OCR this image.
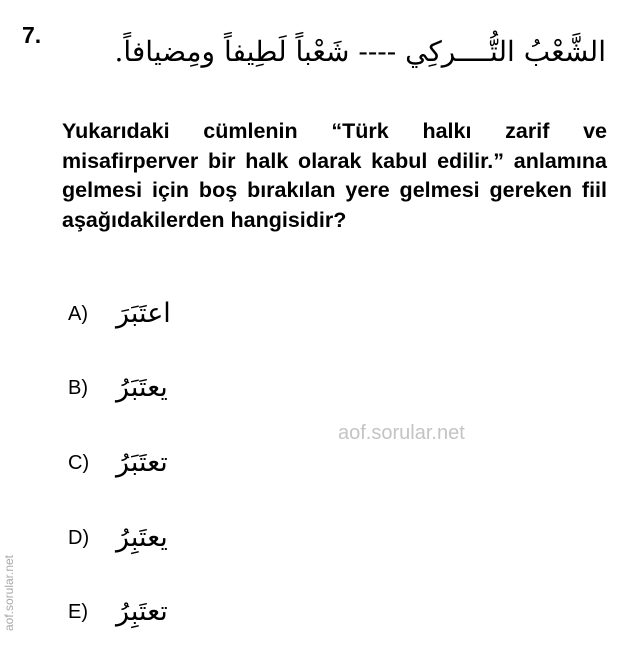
7.	الشَّعْبُ التُّــــركِي ---- شَعْباً لَطِيفاً ومِضيافاً.

Yukarıdaki cümlenin “Türk halkı zarif ve misafirperver bir halk olarak kabul edilir.” anlamına gelmesi için boş bırakılan yere gelmesi gereken fiil aşağıdakilerden hangisidir?

A)	اعتَبَرَ
B)	يعتَبَرُ
C) تعتَبَرُ
D) يعتَبِرُ
E)	تعتَبِرُ
aof.sorular.net
aof.sorular.net
